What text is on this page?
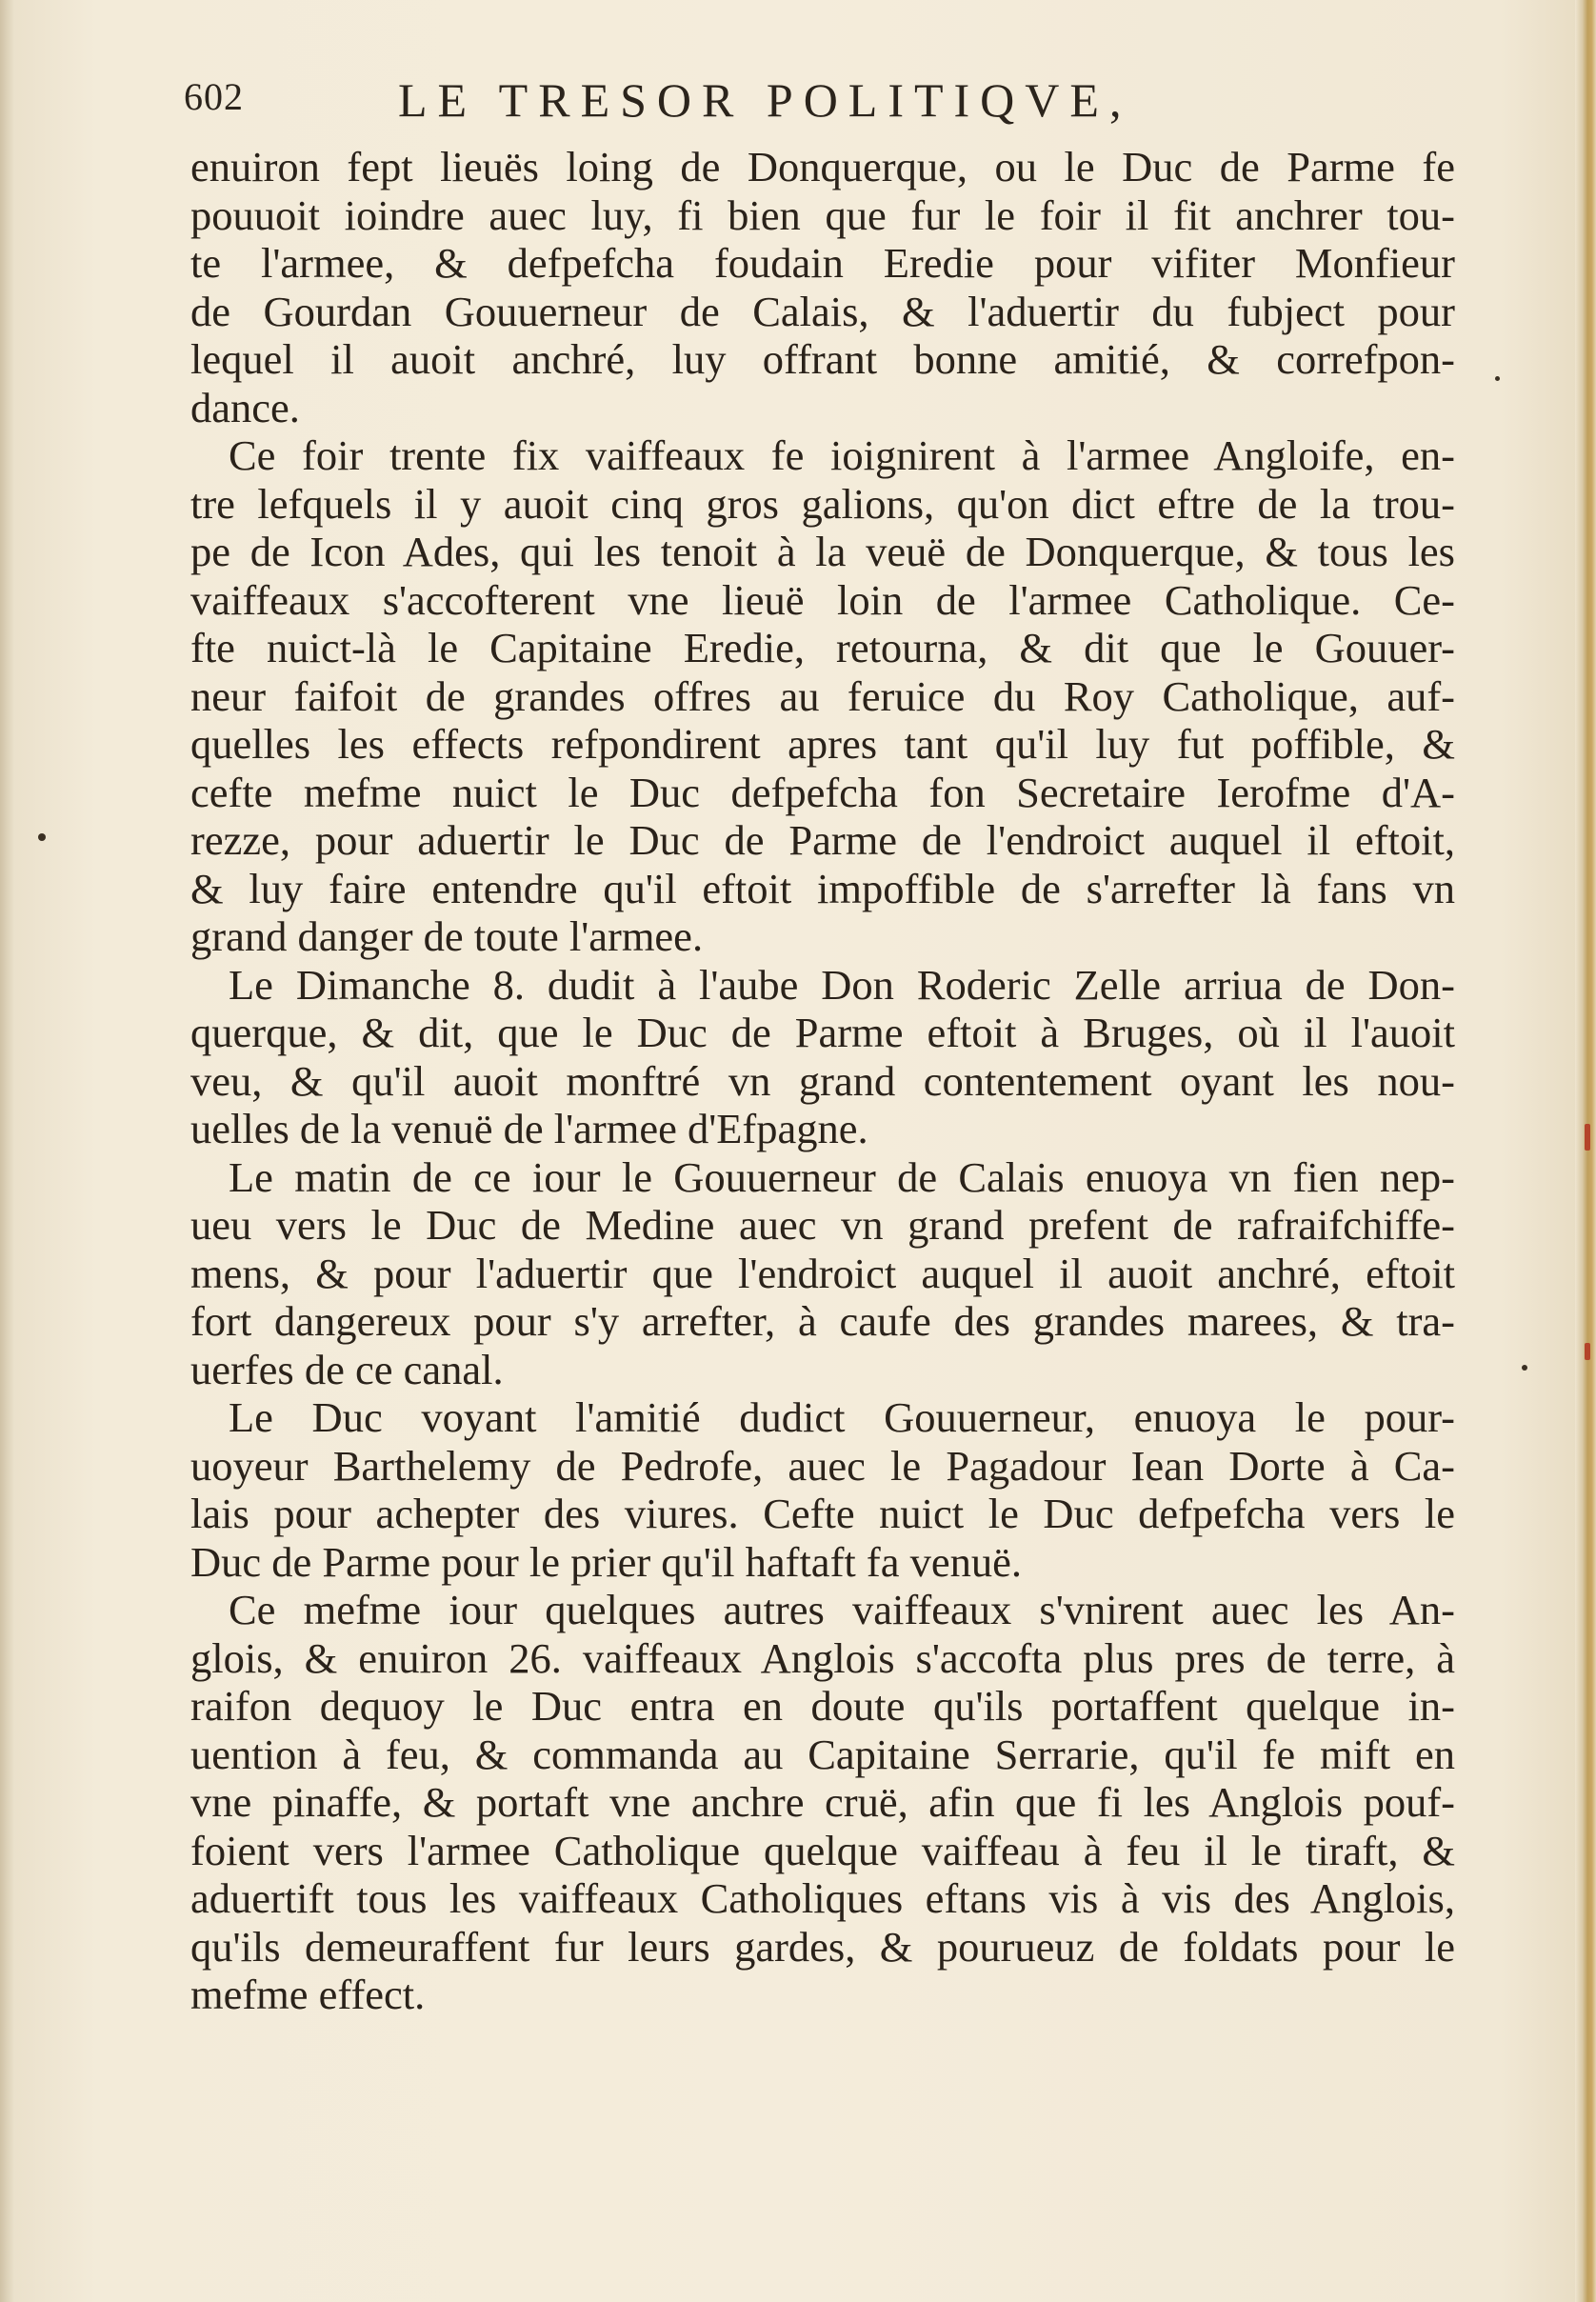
602	LE TRESOR POLITIQVE,
enuiron fept lieuës loing de Donquerque, ou le Duc de Parme fe
pouuoit ioindre auec luy, fi bien que fur le foir il fit anchrer tou-
te l'armee, & defpefcha foudain Eredie pour vifiter Monfieur
de Gourdan Gouuerneur de Calais, & l'aduertir du fubject pour
lequel il auoit anchré, luy offrant bonne amitié, & correfpon-
dance.
Ce foir trente fix vaiffeaux fe ioignirent à l'armee Angloife, en-
tre lefquels il y auoit cinq gros galions, qu'on dict eftre de la trou-
pe de Icon Ades, qui les tenoit à la veuë de Donquerque, & tous les
vaiffeaux s'accofterent vne lieuë loin de l'armee Catholique. Ce-
fte nuict-là le Capitaine Eredie, retourna, & dit que le Gouuer-
neur faifoit de grandes offres au feruice du Roy Catholique, auf-
quelles les effects refpondirent apres tant qu'il luy fut poffible, &
cefte mefme nuict le Duc defpefcha fon Secretaire Ierofme d'A-
rezze, pour aduertir le Duc de Parme de l'endroict auquel il eftoit,
& luy faire entendre qu'il eftoit impoffible de s'arrefter là fans vn
grand danger de toute l'armee.
Le Dimanche 8. dudit à l'aube Don Roderic Zelle arriua de Don-
querque, & dit, que le Duc de Parme eftoit à Bruges, où il l'auoit
veu, & qu'il auoit monftré vn grand contentement oyant les nou-
uelles de la venuë de l'armee d'Efpagne.
Le matin de ce iour le Gouuerneur de Calais enuoya vn fien nep-
ueu vers le Duc de Medine auec vn grand prefent de rafraifchiffe-
mens, & pour l'aduertir que l'endroict auquel il auoit anchré, eftoit
fort dangereux pour s'y arrefter, à caufe des grandes marees, & tra-
uerfes de ce canal.
Le Duc voyant l'amitié dudict Gouuerneur, enuoya le pour-
uoyeur Barthelemy de Pedrofe, auec le Pagadour Iean Dorte à Ca-
lais pour achepter des viures. Cefte nuict le Duc defpefcha vers le
Duc de Parme pour le prier qu'il haftaft fa venuë.
Ce mefme iour quelques autres vaiffeaux s'vnirent auec les An-
glois, & enuiron 26. vaiffeaux Anglois s'accofta plus pres de terre, à
raifon dequoy le Duc entra en doute qu'ils portaffent quelque in-
uention à feu, & commanda au Capitaine Serrarie, qu'il fe mift en
vne pinaffe, & portaft vne anchre cruë, afin que fi les Anglois pouf-
foient vers l'armee Catholique quelque vaiffeau à feu il le tiraft, &
aduertift tous les vaiffeaux Catholiques eftans vis à vis des Anglois,
qu'ils demeuraffent fur leurs gardes, & pourueuz de foldats pour le
mefme effect.
